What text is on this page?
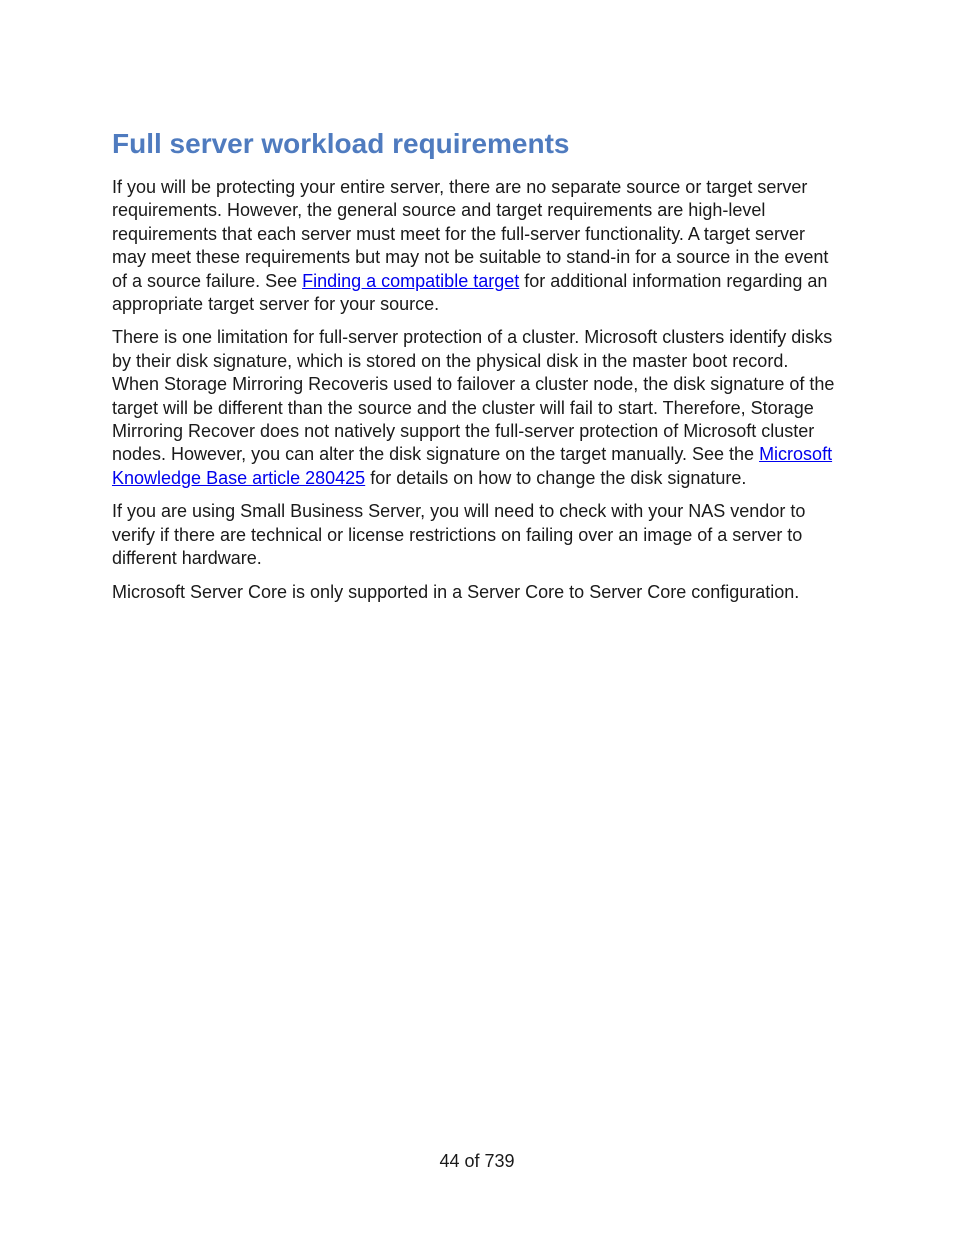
Full server workload requirements

If you will be protecting your entire server, there are no separate source or target server requirements. However, the general source and target requirements are high-level requirements that each server must meet for the full-server functionality. A target server may meet these requirements but may not be suitable to stand-in for a source in the event of a source failure. See Finding a compatible target for additional information regarding an appropriate target server for your source.

There is one limitation for full-server protection of a cluster. Microsoft clusters identify disks by their disk signature, which is stored on the physical disk in the master boot record. When Storage Mirroring Recoveris used to failover a cluster node, the disk signature of the target will be different than the source and the cluster will fail to start. Therefore, Storage Mirroring Recover does not natively support the full-server protection of Microsoft cluster nodes. However, you can alter the disk signature on the target manually. See the Microsoft Knowledge Base article 280425 for details on how to change the disk signature.

If you are using Small Business Server, you will need to check with your NAS vendor to verify if there are technical or license restrictions on failing over an image of a server to different hardware.

Microsoft Server Core is only supported in a Server Core to Server Core configuration.

44 of 739
